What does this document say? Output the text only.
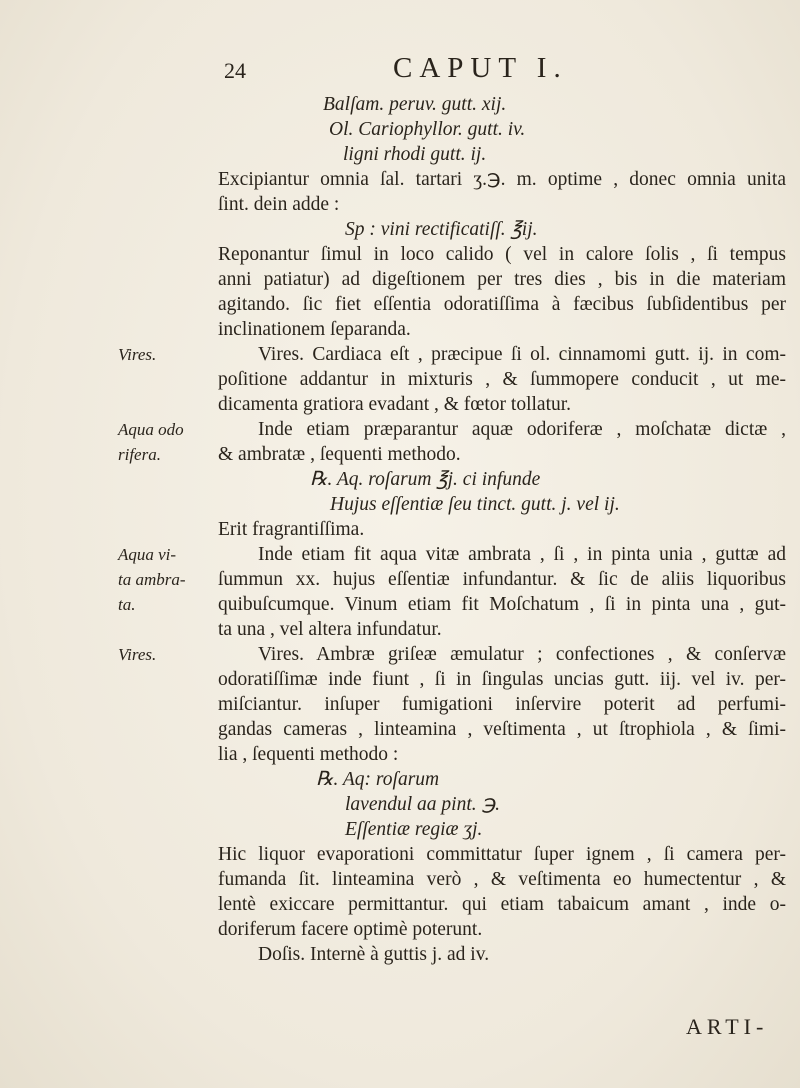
24	CAPUT I.
Balſam. peruv. gutt. xij.
Ol. Cariophyllor. gutt. iv.
ligni rhodi gutt. ij.
Excipiantur omnia ſal. tartari ʒ.℈. m. optime , donec omnia unita
ſint. dein adde :
Sp : vini rectificatiſſ. ℥ij.
Reponantur ſimul in loco calido ( vel in calore ſolis , ſi tempus
anni patiatur) ad digeſtionem per tres dies , bis in die materiam
agitando. ſic fiet eſſentia odoratiſſima à fæcibus ſubſidentibus per
inclinationem ſeparanda.
Vires.	Vires. Cardiaca eſt , præcipue ſi ol. cinnamomi gutt. ij. in com-
poſitione addantur in mixturis , & ſummopere conducit , ut me-
dicamenta gratiora evadant , & fœtor tollatur.
Aqua odo	Inde etiam præparantur aquæ odoriferæ , moſchatæ dictæ ,
rifera.	& ambratæ , ſequenti methodo.
℞. Aq. roſarum ℥j. ci infunde
Hujus eſſentiæ ſeu tinct. gutt. j. vel ij.
Erit fragrantiſſima.
Aqua vi-	Inde etiam fit aqua vitæ ambrata , ſi , in pinta unia , guttæ ad
ta ambra- ſummun xx. hujus eſſentiæ infundantur. & ſic de aliis liquoribus
ta.	quibuſcumque. Vinum etiam fit Moſchatum , ſi in pinta una , gut-
ta una , vel altera infundatur.
Vires.	Vires. Ambræ griſeæ æmulatur ; confectiones , & conſervæ
odoratiſſimæ inde fiunt , ſi in ſingulas uncias gutt. iij. vel iv. per-
miſciantur. inſuper fumigationi inſervire poterit ad perfumi-
gandas cameras , linteamina , veſtimenta , ut ſtrophiola , & ſimi-
lia , ſequenti methodo :
℞. Aq: roſarum
lavendul aa pint. ℈.
Eſſentiæ regiæ ʒj.
Hic liquor evaporationi committatur ſuper ignem , ſi camera per-
fumanda ſit. linteamina verò , & veſtimenta eo humectentur , &
lentè exiccare permittantur. qui etiam tabaicum amant , inde o-
doriferum facere optimè poterunt.
Doſis. Internè à guttis j. ad iv.
ARTI-
